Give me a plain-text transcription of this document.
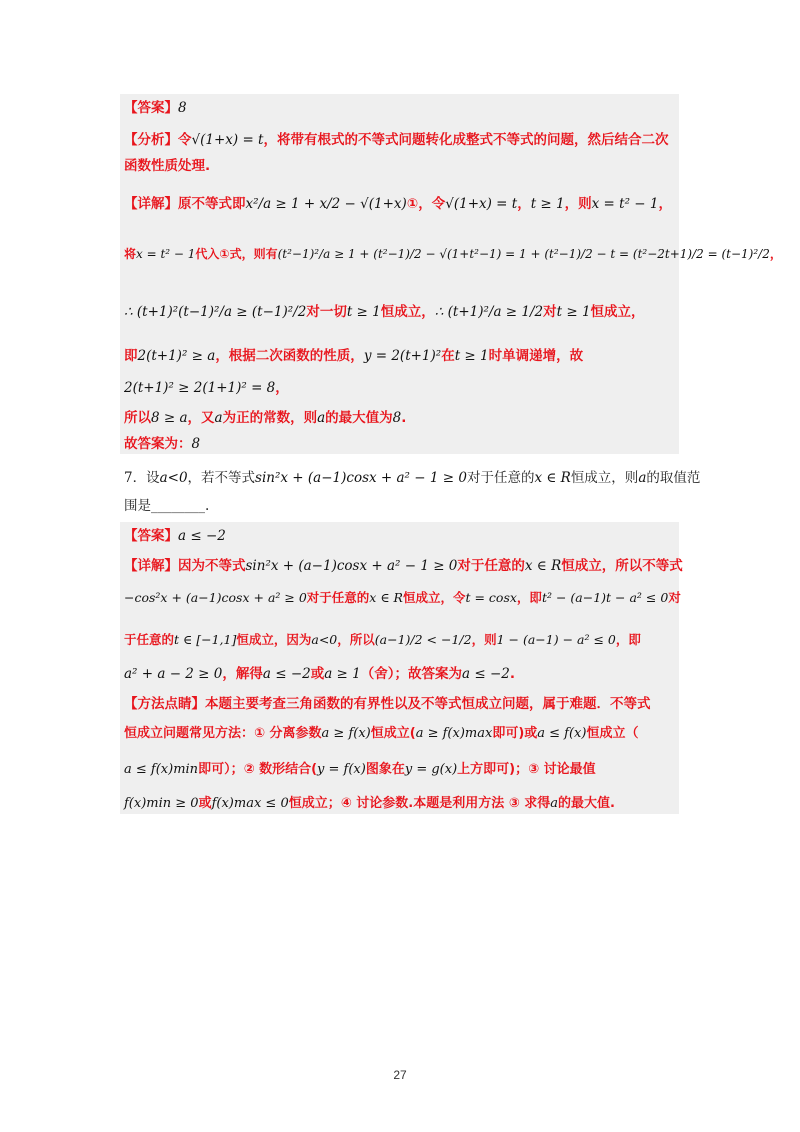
【答案】8
【分析】令√(1+x) = t，将带有根式的不等式问题转化成整式不等式的问题，然后结合二次
函数性质处理.
【详解】原不等式即x²/a ≥ 1 + x/2 − √(1+x)①，令√(1+x) = t，t ≥ 1，则x = t² − 1，
将x = t² − 1代入①式，则有(t²−1)²/a ≥ 1 + (t²−1)/2 − √(1+t²−1) = 1 + (t²−1)/2 − t = (t²−2t+1)/2 = (t−1)²/2，
∴ (t+1)²(t−1)²/a ≥ (t−1)²/2对一切t ≥ 1恒成立，∴ (t+1)²/a ≥ 1/2对t ≥ 1恒成立，
即2(t+1)² ≥ a，根据二次函数的性质，y = 2(t+1)²在t ≥ 1时单调递增，故
2(t+1)² ≥ 2(1+1)² = 8，
所以8 ≥ a，又a为正的常数，则a的最大值为8.
故答案为：8
7．设a<0，若不等式sin²x + (a−1)cosx + a² − 1 ≥ 0对于任意的x ∈ R恒成立，则a的取值范
围是________.
【答案】a ≤ −2
【详解】因为不等式sin²x + (a−1)cosx + a² − 1 ≥ 0对于任意的x ∈ R恒成立，所以不等式
−cos²x + (a−1)cosx + a² ≥ 0对于任意的x ∈ R恒成立，令t = cosx，即t² − (a−1)t − a² ≤ 0对
于任意的t ∈ [−1,1]恒成立，因为a<0，所以(a−1)/2 < −1/2，则1 − (a−1) − a² ≤ 0，即
a² + a − 2 ≥ 0，解得a ≤ −2或a ≥ 1（舍）；故答案为a ≤ −2.
【方法点睛】本题主要考查三角函数的有界性以及不等式恒成立问题，属于难题．不等式
恒成立问题常见方法：① 分离参数a ≥ f(x)恒成立(a ≥ f(x)max即可)或a ≤ f(x)恒成立（
a ≤ f(x)min即可）；② 数形结合(y = f(x)图象在y = g(x)上方即可)；③ 讨论最值
f(x)min ≥ 0或f(x)max ≤ 0恒成立；④ 讨论参数.本题是利用方法 ③ 求得a的最大值.
27
